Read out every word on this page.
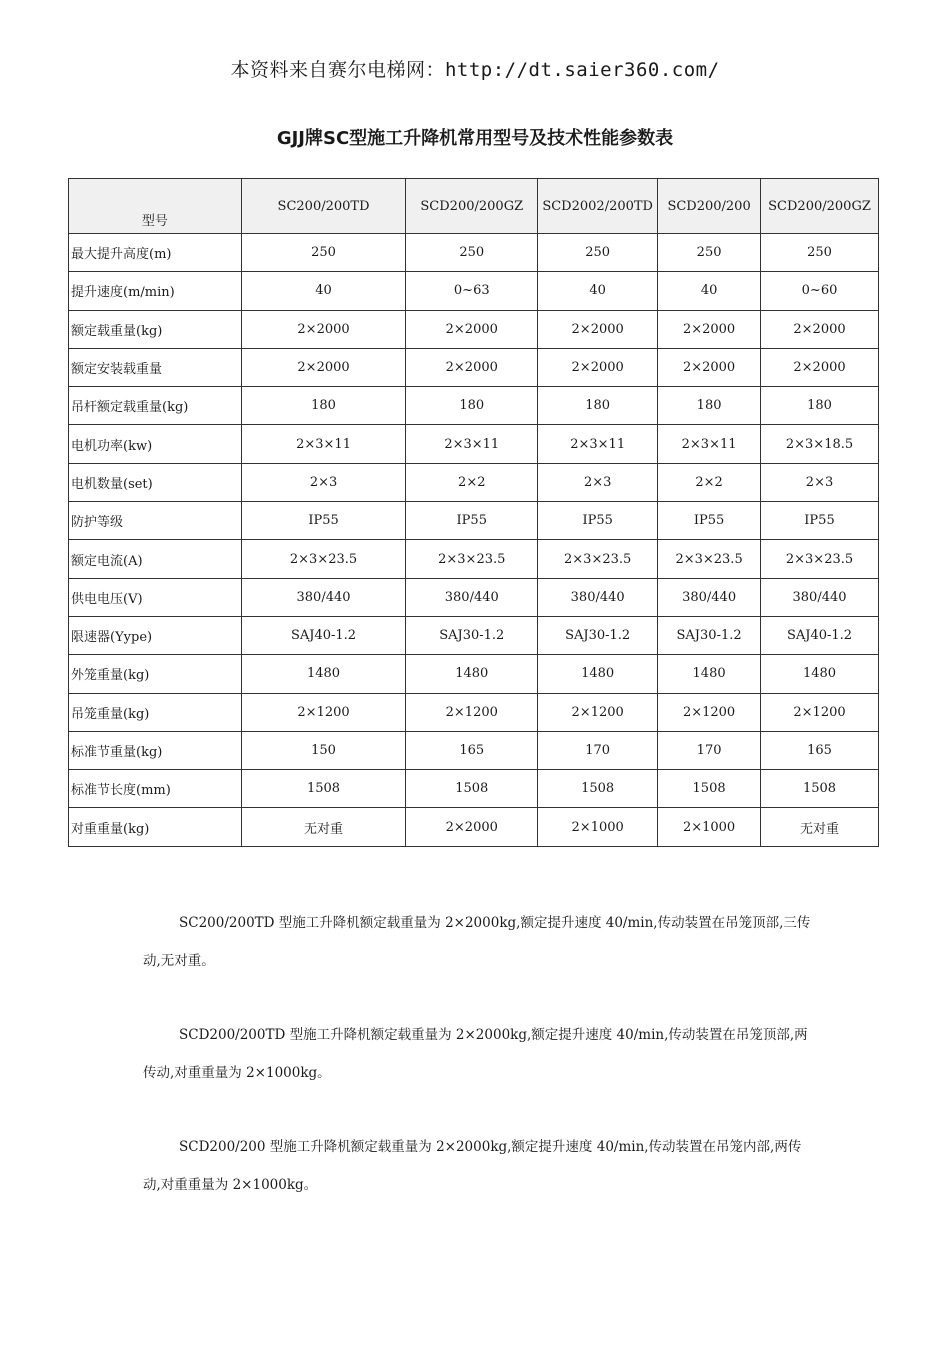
本资料来自赛尔电梯网：http://dt.saier360.com/
GJJ牌SC型施工升降机常用型号及技术性能参数表
型号	SC200/200TD	SCD200/200GZ	SCD2002/200TD	SCD200/200	SCD200/200GZ
最大提升高度(m)	250	250	250	250	250
提升速度(m/min)	40	0~63	40	40	0~60
额定载重量(kg)	2×2000	2×2000	2×2000	2×2000	2×2000
额定安装载重量	2×2000	2×2000	2×2000	2×2000	2×2000
吊杆额定载重量(kg)	180	180	180	180	180
电机功率(kw)	2×3×11	2×3×11	2×3×11	2×3×11	2×3×18.5
电机数量(set)	2×3	2×2	2×3	2×2	2×3
防护等级	IP55	IP55	IP55	IP55	IP55
额定电流(A)	2×3×23.5	2×3×23.5	2×3×23.5	2×3×23.5	2×3×23.5
供电电压(V)	380/440	380/440	380/440	380/440	380/440
限速器(Yype)	SAJ40-1.2	SAJ30-1.2	SAJ30-1.2	SAJ30-1.2	SAJ40-1.2
外笼重量(kg)	1480	1480	1480	1480	1480
吊笼重量(kg)	2×1200	2×1200	2×1200	2×1200	2×1200
标准节重量(kg)	150	165	170	170	165
标准节长度(mm)	1508	1508	1508	1508	1508
对重重量(kg)	无对重	2×2000	2×1000	2×1000	无对重
SC200/200TD 型施工升降机额定载重量为 2×2000kg,额定提升速度 40/min,传动装置在吊笼顶部,三传动,无对重。
SCD200/200TD 型施工升降机额定载重量为 2×2000kg,额定提升速度 40/min,传动装置在吊笼顶部,两传动,对重重量为 2×1000kg。
SCD200/200 型施工升降机额定载重量为 2×2000kg,额定提升速度 40/min,传动装置在吊笼内部,两传动,对重重量为 2×1000kg。
